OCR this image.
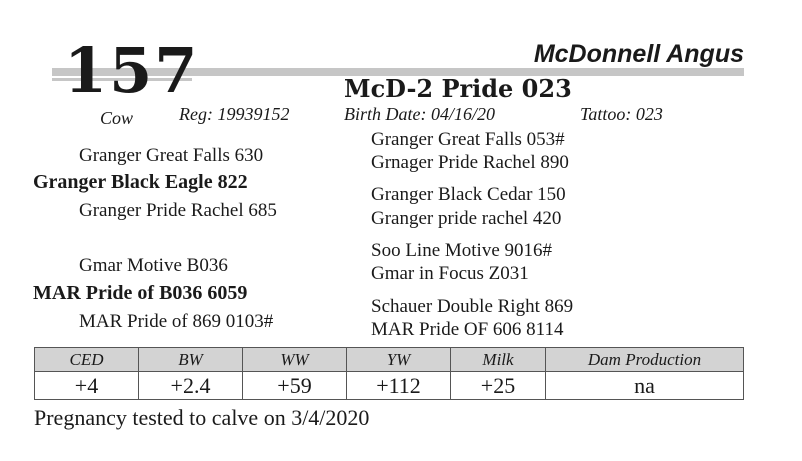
157	McDonnell Angus
McD-2 Pride 023
Cow	Reg: 19939152	Birth Date: 04/16/20	Tattoo: 023
Granger Great Falls 630
Granger Black Eagle 822
Granger Pride Rachel 685
Gmar Motive B036
MAR Pride of B036 6059
MAR Pride of 869 0103#
Granger Great Falls 053#
Grnager Pride Rachel 890
Granger Black Cedar 150
Granger pride rachel 420
Soo Line Motive 9016#
Gmar in Focus Z031
Schauer Double Right 869
MAR Pride OF 606 8114
CED	BW	WW	YW	Milk	Dam Production
+4	+2.4	+59	+112	+25	na
Pregnancy tested to calve on 3/4/2020
